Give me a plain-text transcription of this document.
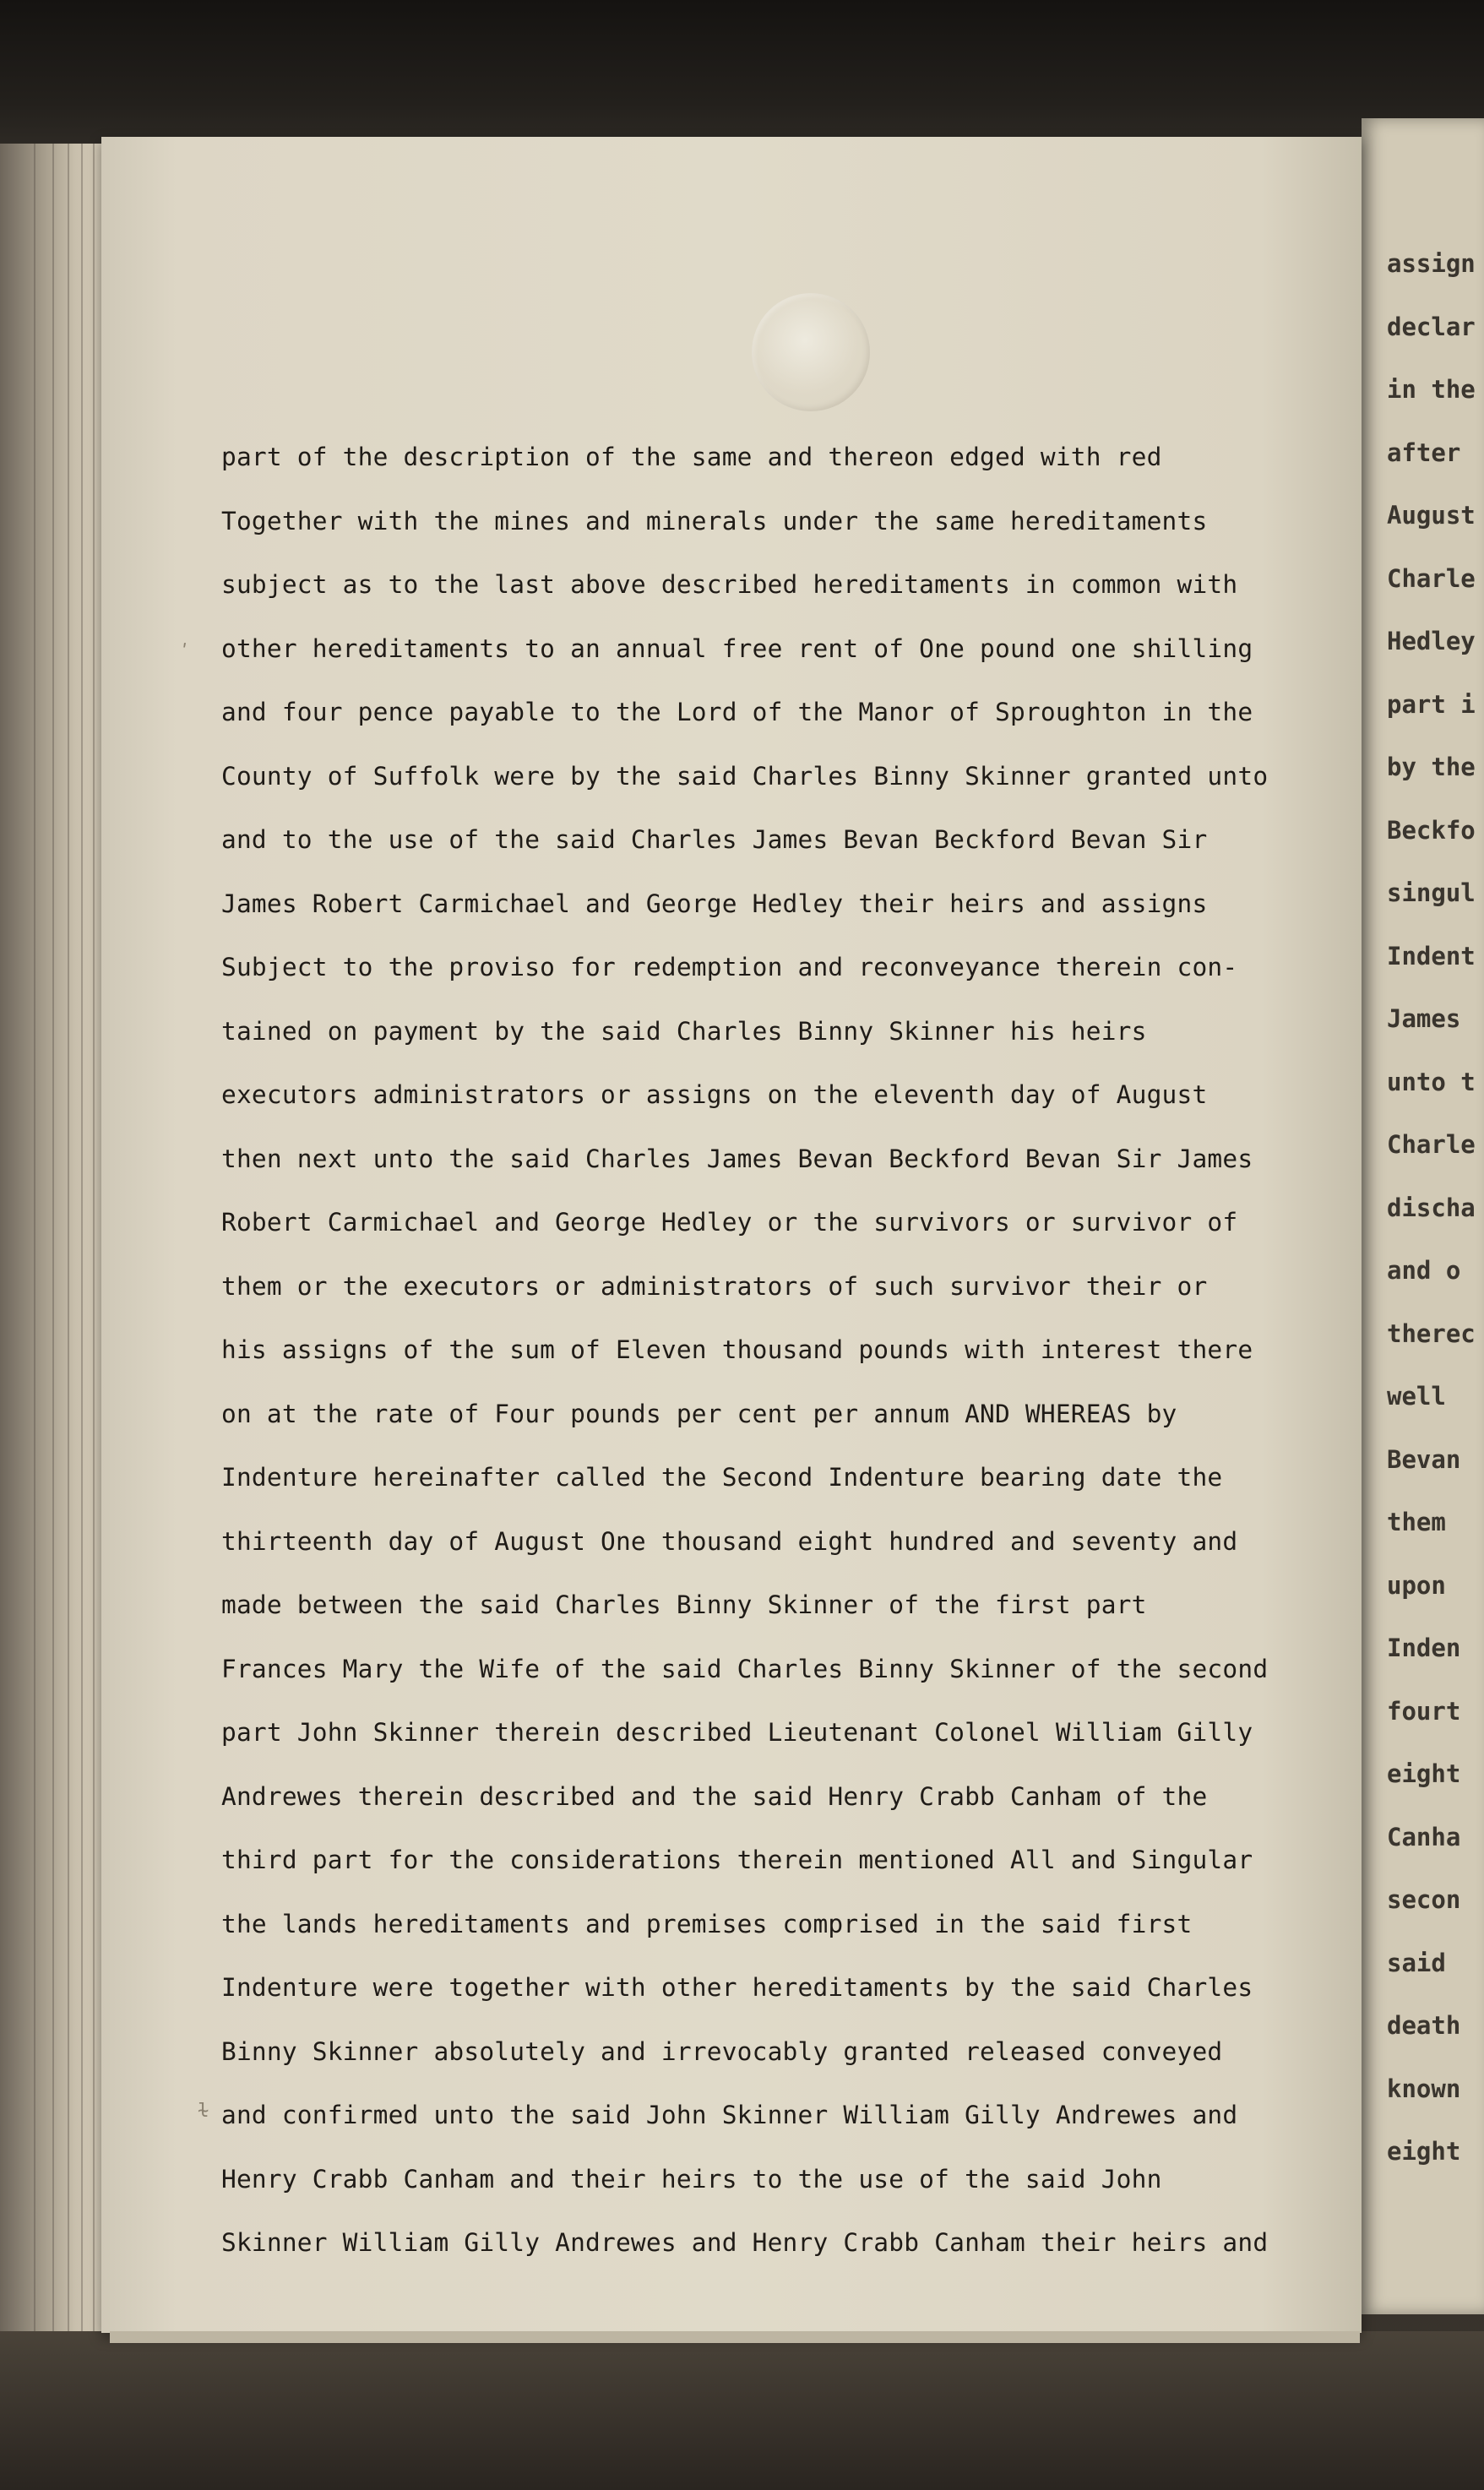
assign
declar
in the
after
August
Charle
Hedley
part i
by the
Beckfo
singul
Indent
James
unto t
Charle
discha
and o
therec
well
Bevan
them
upon
Inden
fourt
eight
Canha
secon
said
death
known
eight
part of the description of the same and thereon edged with red
Together with the mines and minerals under the same hereditaments
subject as to the last above described hereditaments in common with
other hereditaments to an annual free rent of One pound one shilling
and four pence payable to the Lord of the Manor of Sproughton in the
County of Suffolk were by the said Charles Binny Skinner granted unto
and to the use of the said Charles James Bevan Beckford Bevan Sir
James Robert Carmichael and George Hedley their heirs and assigns
Subject to the proviso for redemption and reconveyance therein con-
tained on payment by the said Charles Binny Skinner his heirs
executors administrators or assigns on the eleventh day of August
then next unto the said Charles James Bevan Beckford Bevan Sir James
Robert Carmichael and George Hedley or the survivors or survivor of
them or the executors or administrators of such survivor their or
his assigns of the sum of Eleven thousand pounds with interest there
on at the rate of Four pounds per cent per annum AND WHEREAS by
Indenture hereinafter called the Second Indenture bearing date the
thirteenth day of August One thousand eight hundred and seventy and
made between the said Charles Binny Skinner of the first part
Frances Mary the Wife of the said Charles Binny Skinner of the second
part John Skinner therein described Lieutenant Colonel William Gilly
Andrewes therein described and the said Henry Crabb Canham of the
third part for the considerations therein mentioned All and Singular
the lands hereditaments and premises comprised in the said first
Indenture were together with other hereditaments by the said Charles
Binny Skinner absolutely and irrevocably granted released conveyed
and confirmed unto the said John Skinner William Gilly Andrewes and
Henry Crabb Canham and their heirs to the use of the said John
Skinner William Gilly Andrewes and Henry Crabb Canham their heirs and
ʹ
ɫ
